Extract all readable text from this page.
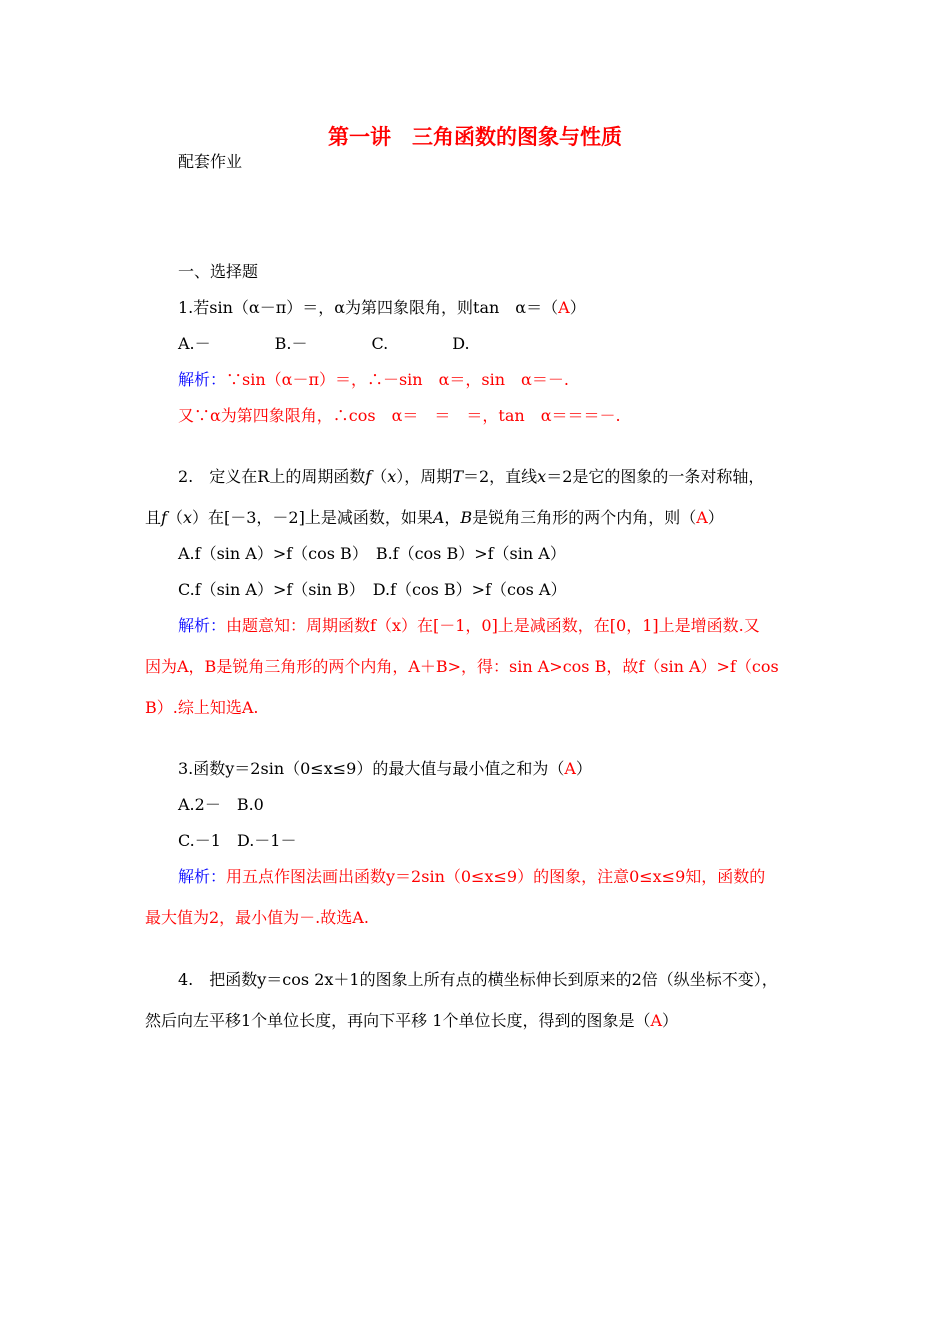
第一讲　三角函数的图象与性质
配套作业
一、选择题
1.若sin（α－π）＝，α为第四象限角，则tan　α＝（A）
A.－　　　　B.－　　　　C.　　　　D.
解析：∵sin（α－π）＝，∴－sin　α＝，sin　α＝－.
又∵α为第四象限角，∴cos　α＝　＝　＝，tan　α＝＝＝－.
2.　定义在R上的周期函数f（x），周期T＝2，直线x＝2是它的图象的一条对称轴，
且f（x）在[－3，－2]上是减函数，如果A，B是锐角三角形的两个内角，则（A）
A.f（sin A）>f（cos B）　B.f（cos B）>f（sin A）
C.f（sin A）>f（sin B）　D.f（cos B）>f（cos A）
解析：由题意知：周期函数f（x）在[－1，0]上是减函数，在[0，1]上是增函数.又
因为A，B是锐角三角形的两个内角，A＋B>，得：sin A>cos B，故f（sin A）>f（cos
B）.综上知选A.
3.函数y＝2sin（0≤x≤9）的最大值与最小值之和为（A）
A.2－　B.0
C.－1　D.－1－
解析：用五点作图法画出函数y＝2sin（0≤x≤9）的图象，注意0≤x≤9知，函数的
最大值为2，最小值为－.故选A.
4.　把函数y＝cos 2x＋1的图象上所有点的横坐标伸长到原来的2倍（纵坐标不变），
然后向左平移1个单位长度，再向下平移 1个单位长度，得到的图象是（A）
